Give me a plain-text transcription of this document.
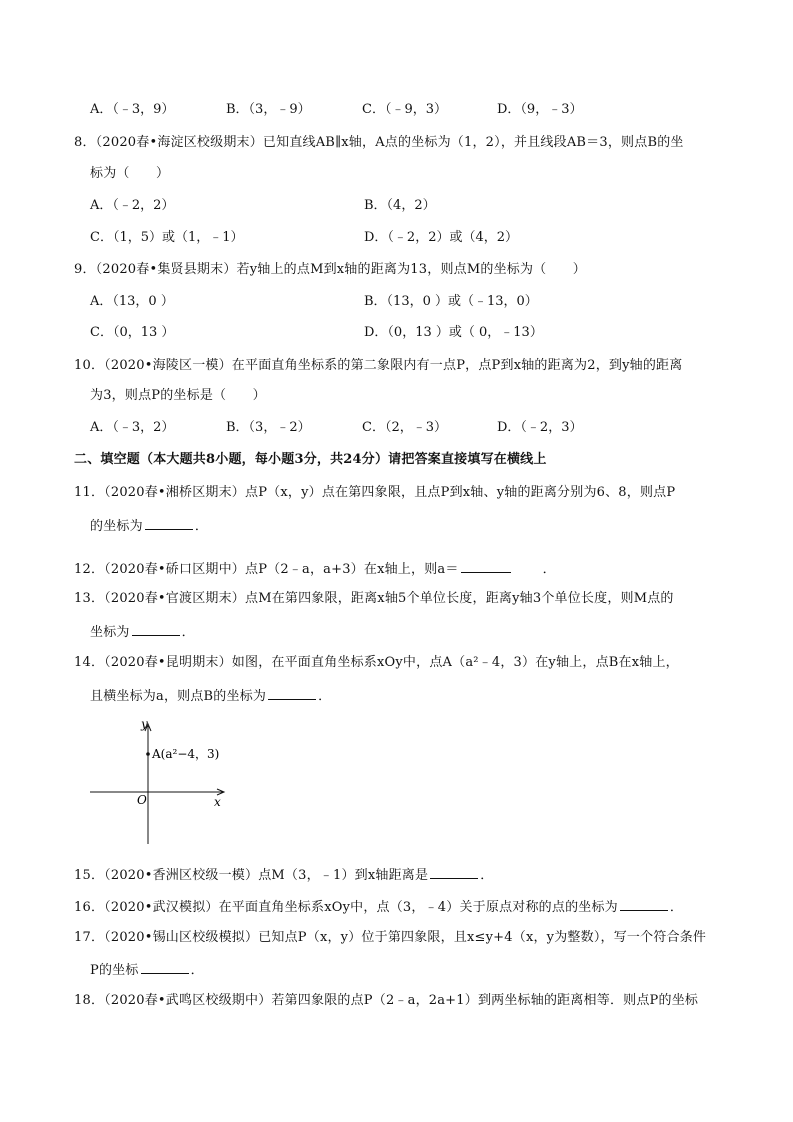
A．（﹣3，9）	B．（3，﹣9）	C．（﹣9，3）	D．（9，﹣3）
8．（2020春•海淀区校级期末）已知直线AB∥x轴，A点的坐标为（1，2），并且线段AB＝3，则点B的坐
标为（　　）
A．（﹣2，2）	B．（4，2）
C．（1，5）或（1，﹣1）	D．（﹣2，2）或（4，2）
9．（2020春•集贤县期末）若y轴上的点M到x轴的距离为13，则点M的坐标为（　　）
A．（13，0 ）	B．（13，0 ）或（﹣13，0）
C．（0，13 ）	D．（0，13 ）或（ 0，﹣13）
10．（2020•海陵区一模）在平面直角坐标系的第二象限内有一点P，点P到x轴的距离为2，到y轴的距离
为3，则点P的坐标是（　　）
A．（﹣3，2）	B．（3，﹣2）	C．（2，﹣3）	D．（﹣2，3）
二、填空题（本大题共8小题，每小题3分，共24分）请把答案直接填写在横线上
11．（2020春•湘桥区期末）点P（x，y）点在第四象限，且点P到x轴、y轴的距离分别为6、8，则点P
的坐标为	．
12．（2020春•硚口区期中）点P（2﹣a，a+3）在x轴上，则a＝	．
13．（2020春•官渡区期末）点M在第四象限，距离x轴5个单位长度，距离y轴3个单位长度，则M点的
坐标为	．
14．（2020春•昆明期末）如图，在平面直角坐标系xOy中，点A（a²﹣4，3）在y轴上，点B在x轴上，
且横坐标为a，则点B的坐标为	．
y
x
O
A(a²−4，3)
15．（2020•香洲区校级一模）点M（3，﹣1）到x轴距离是	．
16．（2020•武汉模拟）在平面直角坐标系xOy中，点（3，﹣4）关于原点对称的点的坐标为	．
17．（2020•锡山区校级模拟）已知点P（x，y）位于第四象限，且x≤y+4（x，y为整数），写一个符合条件
P的坐标	．
18．（2020春•武鸣区校级期中）若第四象限的点P（2﹣a，2a+1）到两坐标轴的距离相等．则点P的坐标
